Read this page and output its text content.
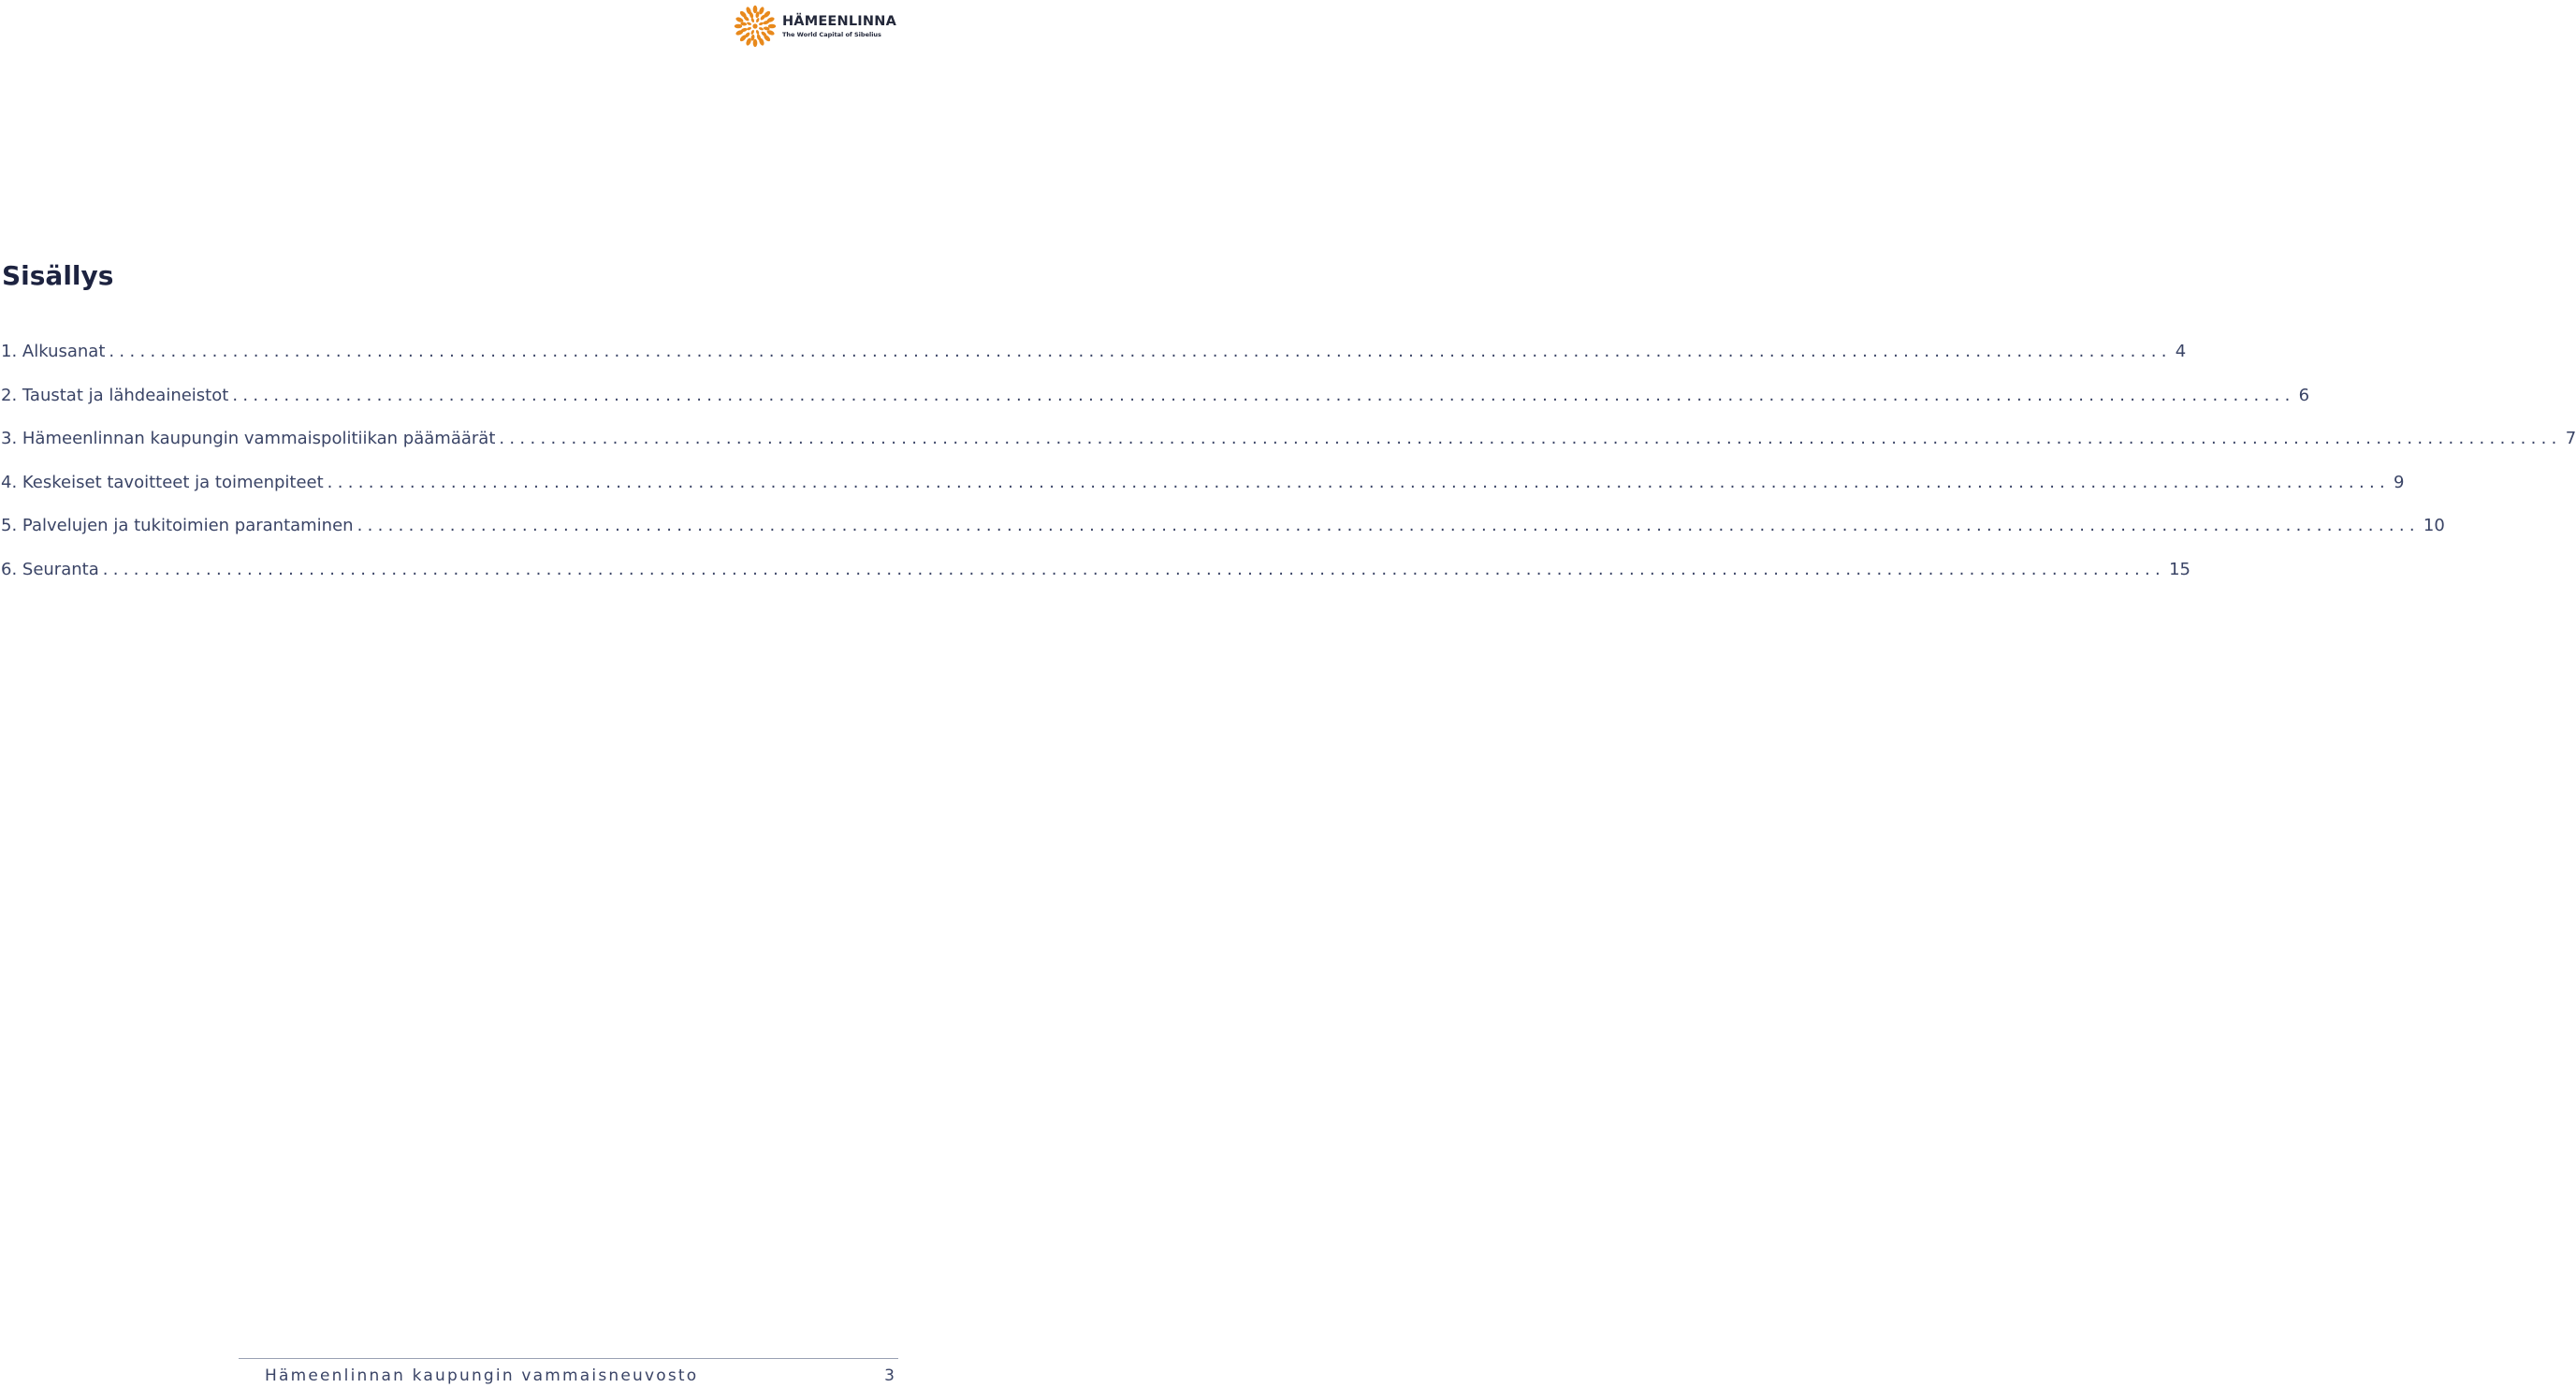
HÄMEENLINNA
The World Capital of Sibelius
Sisällys
1. Alkusanat ........................................................................................................................................................................................................ 4
2. Taustat ja lähdeaineistot ........................................................................................................................................................................................................ 6
3. Hämeenlinnan kaupungin vammaispolitiikan päämäärät ........................................................................................................................................................................................................ 7
4. Keskeiset tavoitteet ja toimenpiteet ........................................................................................................................................................................................................ 9
5. Palvelujen ja tukitoimien parantaminen ........................................................................................................................................................................................................ 10
6. Seuranta ........................................................................................................................................................................................................ 15
Hämeenlinnan kaupungin vammaisneuvosto	3
